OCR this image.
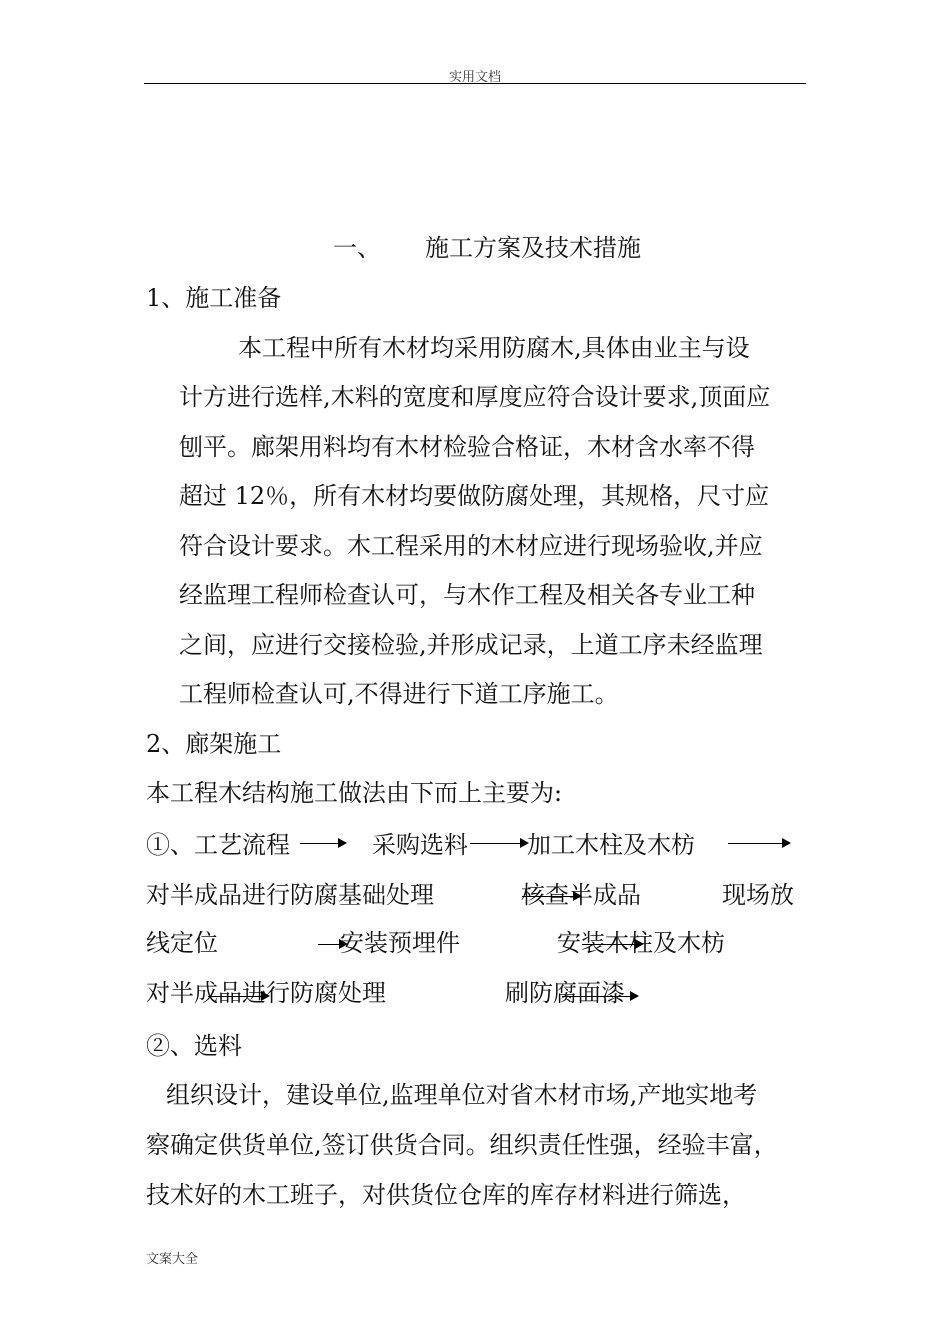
实用文档
一、 施工方案及技术措施
1、施工准备
本工程中所有木材均采用防腐木,具体由业主与设
计方进行选样,木料的宽度和厚度应符合设计要求,顶面应
刨平。廊架用料均有木材检验合格证，木材含水率不得
超过 12％，所有木材均要做防腐处理，其规格，尺寸应
符合设计要求。木工程采用的木材应进行现场验收,并应
经监理工程师检查认可，与木作工程及相关各专业工种
之间，应进行交接检验,并形成记录，上道工序未经监理
工程师检查认可,不得进行下道工序施工。
2、廊架施工
本工程木结构施工做法由下而上主要为:
①、工艺流程	采购选料 加工木柱及木枋
对半成品进行防腐基础处理	核查半成品	现场放
线定位	安装预埋件	安装木柱及木枋
对半成品进行防腐处理	刷防腐面漆
②、选料
组织设计，建设单位,监理单位对省木材市场,产地实地考
察确定供货单位,签订供货合同。组织责任性强，经验丰富，
技术好的木工班子，对供货位仓库的库存材料进行筛选，
文案大全
